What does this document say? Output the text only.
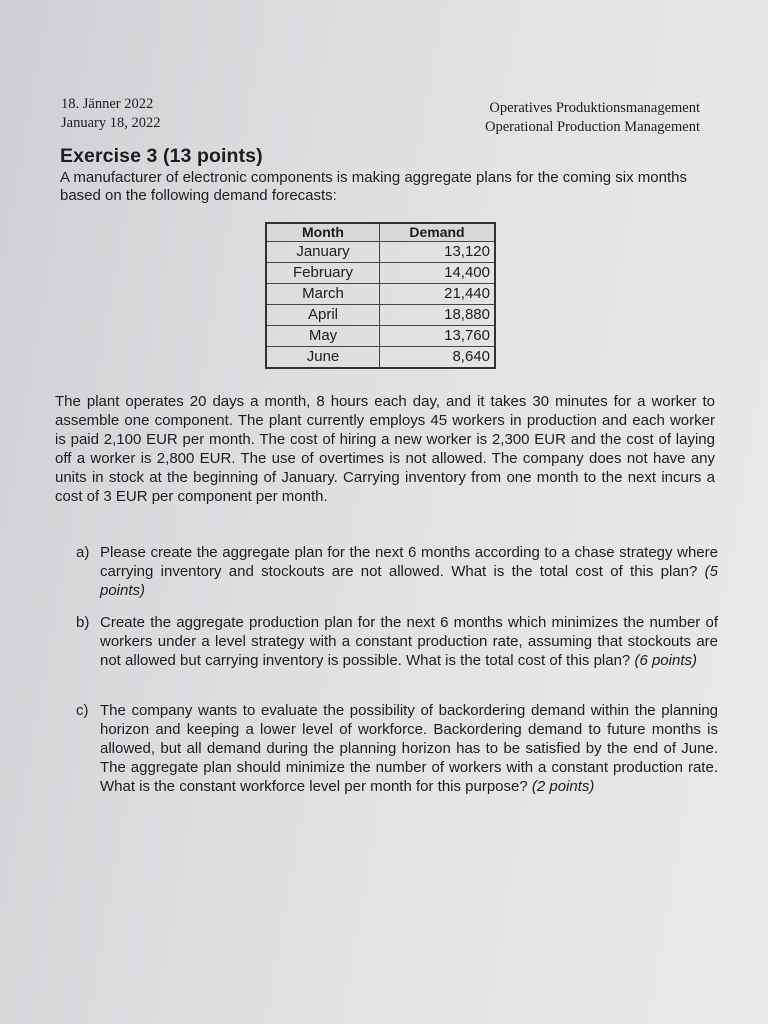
18. Jänner 2022
January 18, 2022
Operatives Produktionsmanagement
Operational Production Management
Exercise 3 (13 points)
A manufacturer of electronic components is making aggregate plans for the coming six months based on the following demand forecasts:
Month	Demand
January	13,120
February	14,400
March	21,440
April	18,880
May	13,760
June	8,640
The plant operates 20 days a month, 8 hours each day, and it takes 30 minutes for a worker to assemble one component. The plant currently employs 45 workers in production and each worker is paid 2,100 EUR per month. The cost of hiring a new worker is 2,300 EUR and the cost of laying off a worker is 2,800 EUR. The use of overtimes is not allowed. The company does not have any units in stock at the beginning of January. Carrying inventory from one month to the next incurs a cost of 3 EUR per component per month.
a) Please create the aggregate plan for the next 6 months according to a chase strategy where carrying inventory and stockouts are not allowed. What is the total cost of this plan? (5 points)
b) Create the aggregate production plan for the next 6 months which minimizes the number of workers under a level strategy with a constant production rate, assuming that stockouts are not allowed but carrying inventory is possible. What is the total cost of this plan? (6 points)
c) The company wants to evaluate the possibility of backordering demand within the planning horizon and keeping a lower level of workforce. Backordering demand to future months is allowed, but all demand during the planning horizon has to be satisfied by the end of June. The aggregate plan should minimize the number of workers with a constant production rate. What is the constant workforce level per month for this purpose? (2 points)
